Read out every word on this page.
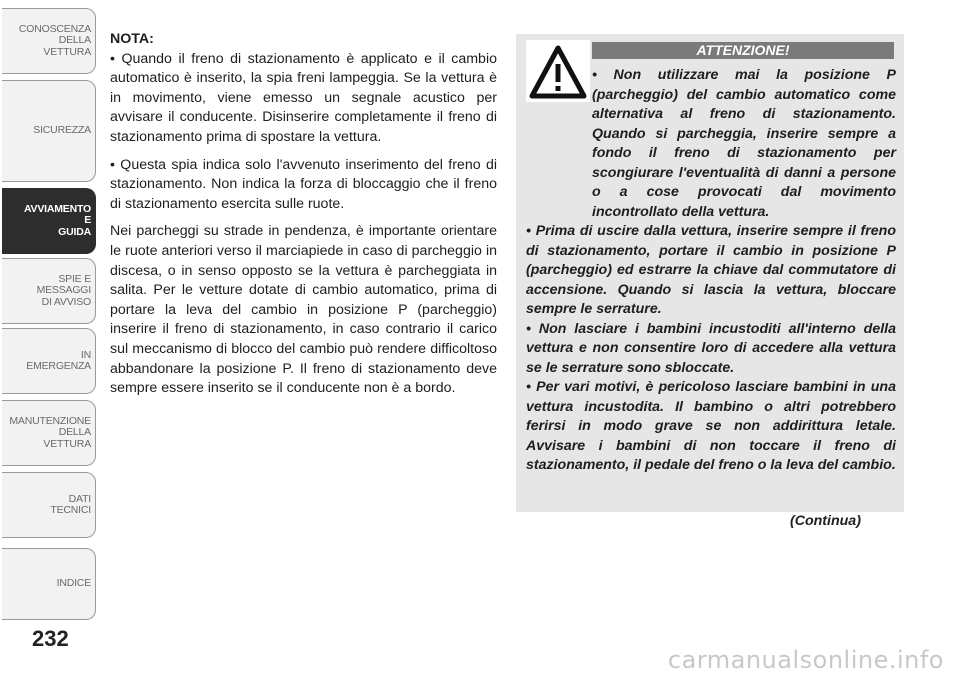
CONOSCENZA
DELLA
VETTURA
SICUREZZA
AVVIAMENTO
E
GUIDA
SPIE E
MESSAGGI
DI AVVISO
IN
EMERGENZA
MANUTENZIONE
DELLA
VETTURA
DATI
TECNICI
INDICE
232

NOTA:

• Quando il freno di stazionamento è applicato e il cambio automatico è inserito, la spia freni lampeggia. Se la vettura è in movimento, viene emesso un segnale acustico per avvisare il conducente. Disinserire completamente il freno di stazionamento prima di spostare la vettura.

• Questa spia indica solo l'avvenuto inserimento del freno di stazionamento. Non indica la forza di bloccaggio che il freno di stazionamento esercita sulle ruote.

Nei parcheggi su strade in pendenza, è importante orientare le ruote anteriori verso il marciapiede in caso di parcheggio in discesa, o in senso opposto se la vettura è parcheggiata in salita. Per le vetture dotate di cambio automatico, prima di portare la leva del cambio in posizione P (parcheggio) inserire il freno di stazionamento, in caso contrario il carico sul meccanismo di blocco del cambio può rendere difficoltoso abbandonare la posizione P. Il freno di stazionamento deve sempre essere inserito se il conducente non è a bordo.

ATTENZIONE!

• Non utilizzare mai la posizione P (parcheggio) del cambio automatico come alternativa al freno di stazionamento. Quando si parcheggia, inserire sempre a fondo il freno di stazionamento per scongiurare l'eventualità di danni a persone o a cose provocati dal movimento incontrollato della vettura.

• Prima di uscire dalla vettura, inserire sempre il freno di stazionamento, portare il cambio in posizione P (parcheggio) ed estrarre la chiave dal commutatore di accensione. Quando si lascia la vettura, bloccare sempre le serrature.

• Non lasciare i bambini incustoditi all'interno della vettura e non consentire loro di accedere alla vettura se le serrature sono sbloccate.

• Per vari motivi, è pericoloso lasciare bambini in una vettura incustodita. Il bambino o altri potrebbero ferirsi in modo grave se non addirittura letale. Avvisare i bambini di non toccare il freno di stazionamento, il pedale del freno o la leva del cambio.

(Continua)
carmanualsonline.info
